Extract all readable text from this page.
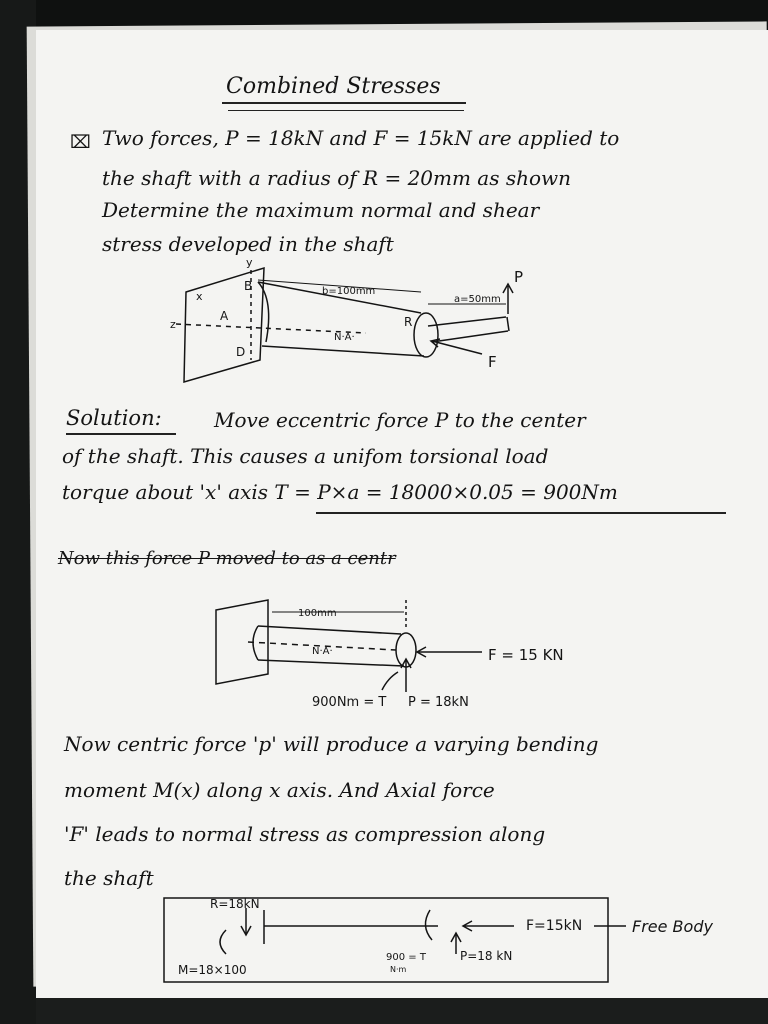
Combined Stresses
⌧ Two forces, P = 18kN and F = 15kN are applied to
the shaft with a radius of R = 20mm as shown
Determine the maximum normal and shear
stress developed in the shaft
y
x
z
A
B
D
R
b=100mm
a=50mm
P
F
N·A·
Solution:	Move eccentric force P to the center
of the shaft. This causes a unifom torsional load
torque about 'x' axis T = P×a = 18000×0.05 = 900Nm
Now this force P moved to as a centr
100mm
N·A·	F = 15 KN
900Nm = T P = 18kN
Now centric force 'p' will produce a varying bending
moment M(x) along x axis. And Axial force
'F' leads to normal stress as compression along
the shaft
R=18kN
M=18×100
F=15kN
P=18 kN
900 = T
N·m
Free Body
